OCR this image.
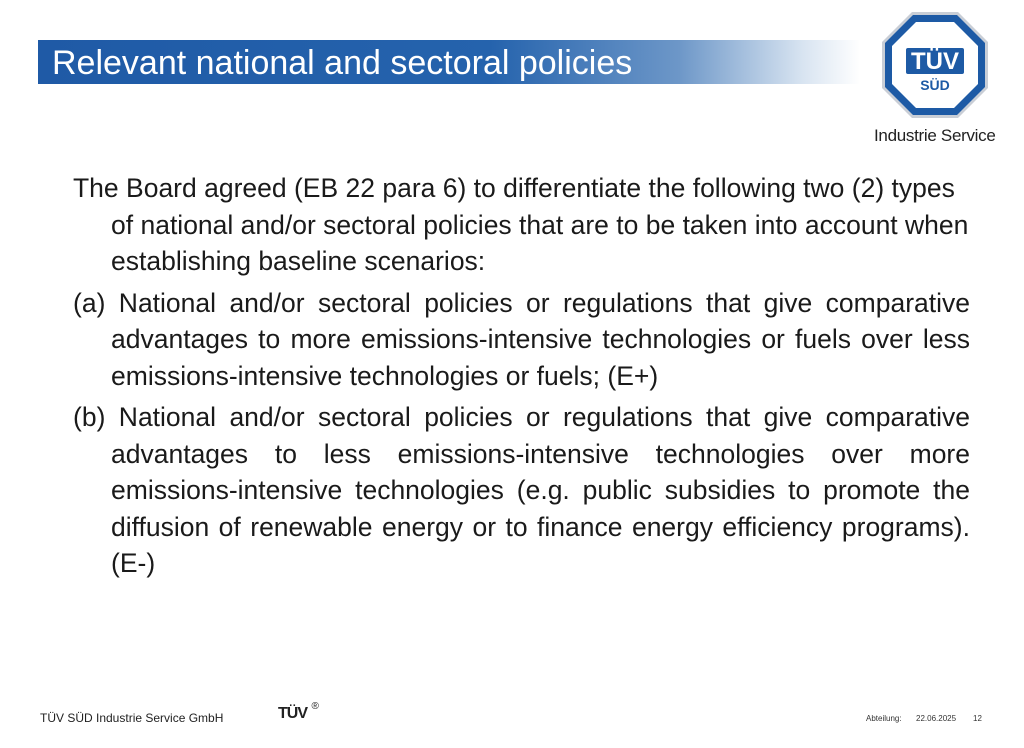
Relevant national and sectoral policies	TÜV
SÜD
Industrie Service

The Board agreed (EB 22 para 6) to differentiate the following two (2) types of national and/or sectoral policies that are to be taken into account when establishing baseline scenarios:

(a) National and/or sectoral policies or regulations that give comparative advantages to more emissions-intensive technologies or fuels over less emissions-intensive technologies or fuels; (E+)

(b) National and/or sectoral policies or regulations that give comparative advantages to less emissions-intensive technologies over more emissions-intensive technologies (e.g. public subsidies to promote the diffusion of renewable energy or to finance energy efficiency programs). (E-)

TÜV SÜD Industrie Service GmbH	TÜV ®
Abteilung: 22.06.2025 12
